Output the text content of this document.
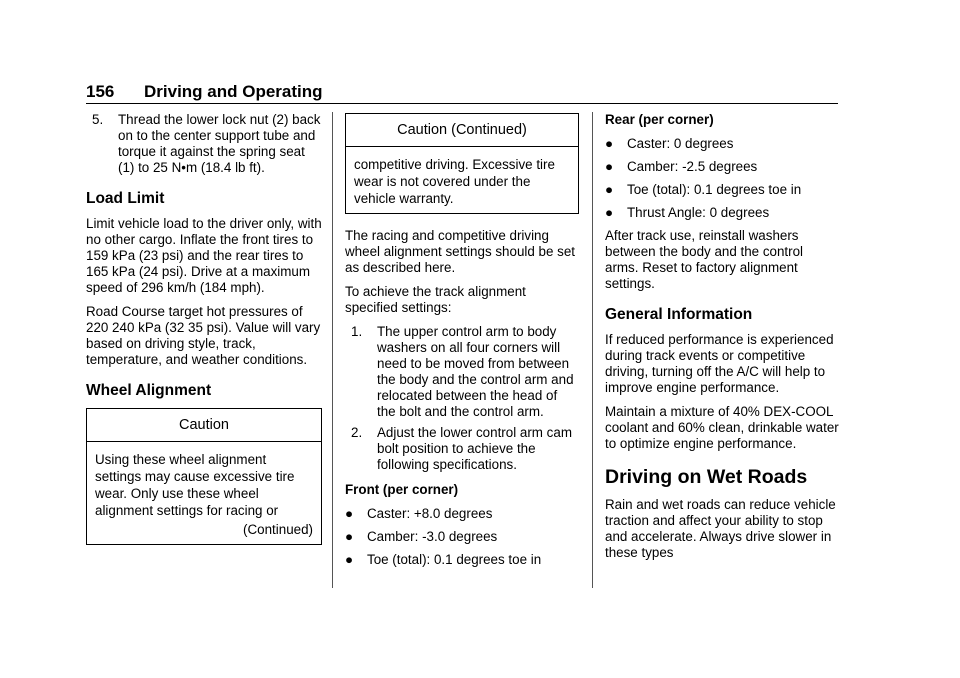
156 Driving and Operating
5.	Thread the lower lock nut (2) back on to the center support tube and torque it against the spring seat (1) to 25 N•m (18.4 lb ft).
Load Limit

Limit vehicle load to the driver only, with no other cargo. Inflate the front tires to 159 kPa (23 psi) and the rear tires to 165 kPa (24 psi). Drive at a maximum speed of 296 km/h (184 mph).

Road Course target hot pressures of 220 240 kPa (32 35 psi). Value will vary based on driving style, track, temperature, and weather conditions.

Wheel Alignment
Caution
Using these wheel alignment settings may cause excessive tire wear. Only use these wheel alignment settings for racing or
(Continued)
Caution (Continued)
competitive driving. Excessive tire wear is not covered under the vehicle warranty.

The racing and competitive driving wheel alignment settings should be set as described here.

To achieve the track alignment specified settings:

1.	The upper control arm to body washers on all four corners will need to be moved from between the body and the control arm and relocated between the head of the bolt and the control arm.
2.	Adjust the lower control arm cam bolt position to achieve the following specifications.
Front (per corner)
●	Caster: +8.0 degrees
●	Camber: -3.0 degrees
●	Toe (total): 0.1 degrees toe in
Rear (per corner)
●	Caster: 0 degrees
●	Camber: -2.5 degrees
●	Toe (total): 0.1 degrees toe in
●	Thrust Angle: 0 degrees

After track use, reinstall washers between the body and the control arms. Reset to factory alignment settings.

General Information

If reduced performance is experienced during track events or competitive driving, turning off the A/C will help to improve engine performance.

Maintain a mixture of 40% DEX-COOL coolant and 60% clean, drinkable water to optimize engine performance.

Driving on Wet Roads

Rain and wet roads can reduce vehicle traction and affect your ability to stop and accelerate. Always drive slower in these types
